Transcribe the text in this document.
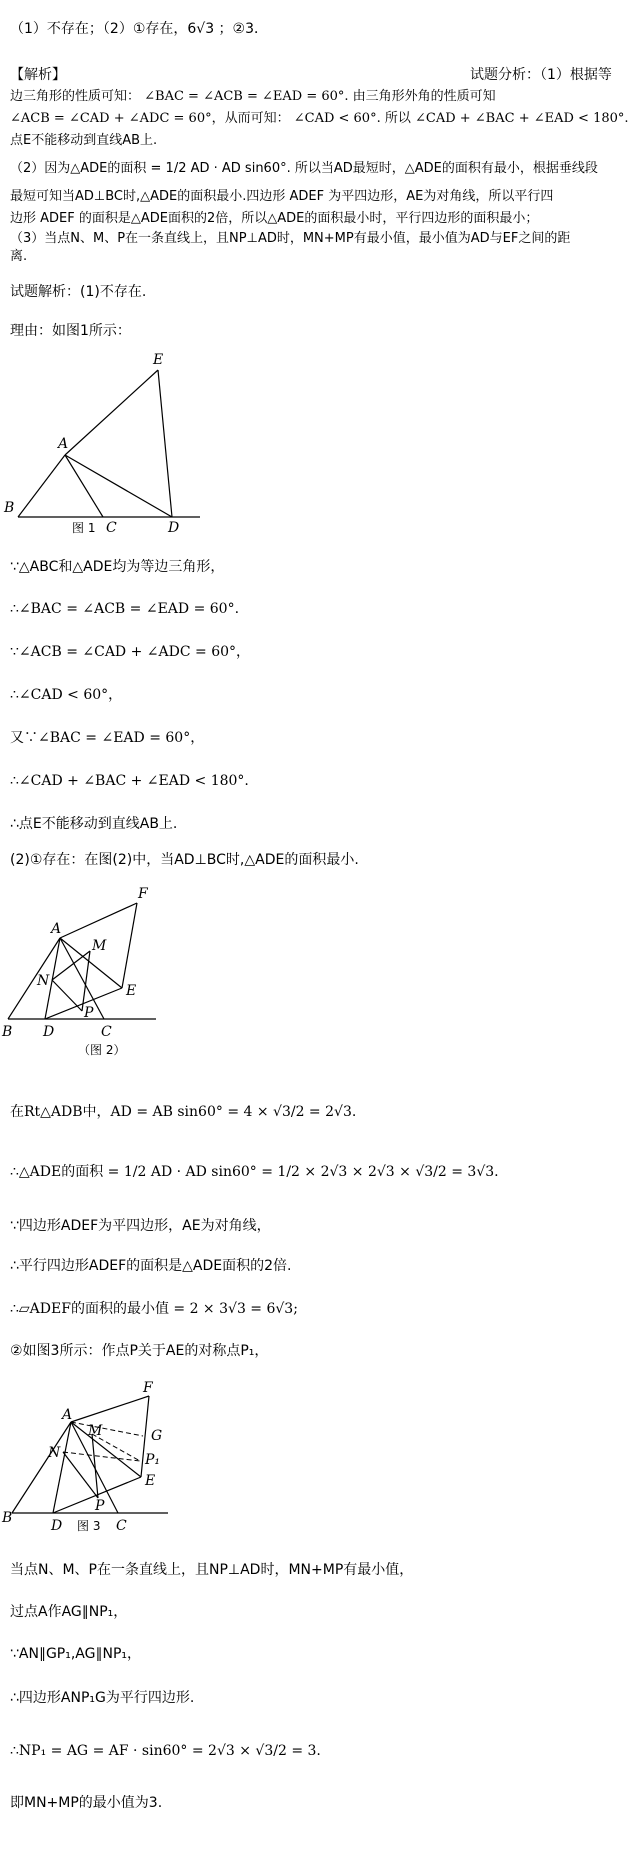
（1）不存在；（2）①存在，6√3 ；②3．
【解析】	试题分析：（1）根据等
边三角形的性质可知： ∠BAC = ∠ACB = ∠EAD = 60°. 由三角形外角的性质可知
∠ACB = ∠CAD + ∠ADC = 60°，从而可知： ∠CAD < 60°. 所以 ∠CAD + ∠BAC + ∠EAD < 180°.
点E不能移动到直线AB上.
（2）因为△ADE的面积 = 1/2 AD · AD sin60°. 所以当AD最短时，△ADE的面积有最小，根据垂线段
最短可知当AD⊥BC时,△ADE的面积最小.四边形 ADEF 为平四边形，AE为对角线，所以平行四
边形 ADEF 的面积是△ADE面积的2倍，所以△ADE的面积最小时，平行四边形的面积最小；
（3）当点N、M、P在一条直线上，且NP⊥AD时，MN+MP有最小值，最小值为AD与EF之间的距
离.
试题解析：(1)不存在.
理由：如图1所示：
B
A
E
C	D
图 1
∵△ABC和△ADE均为等边三角形，
∴∠BAC = ∠ACB = ∠EAD = 60°.
∵∠ACB = ∠CAD + ∠ADC = 60°，
∴∠CAD < 60°，
又∵∠BAC = ∠EAD = 60°，
∴∠CAD + ∠BAC + ∠EAD < 180°.
∴点E不能移动到直线AB上.
(2)①存在：在图(2)中，当AD⊥BC时,△ADE的面积最小.
B
A
F
M
N
E
D
P
C
（图 2）
在Rt△ADB中，AD = AB sin60° = 4 × √3/2 = 2√3.
∴△ADE的面积 = 1/2 AD · AD sin60° = 1/2 × 2√3 × 2√3 × √3/2 = 3√3.
∵四边形ADEF为平四边形，AE为对角线，
∴平行四边形ADEF的面积是△ADE面积的2倍.
∴▱ADEF的面积的最小值 = 2 × 3√3 = 6√3;
②如图3所示：作点P关于AE的对称点P₁，
B
A
F
G
N
M
P₁
E
D
P
C
图 3
当点N、M、P在一条直线上，且NP⊥AD时，MN+MP有最小值，
过点A作AG∥NP₁，
∵AN∥GP₁,AG∥NP₁，
∴四边形ANP₁G为平行四边形.
∴NP₁ = AG = AF · sin60° = 2√3 × √3/2 = 3.
即MN+MP的最小值为3.
